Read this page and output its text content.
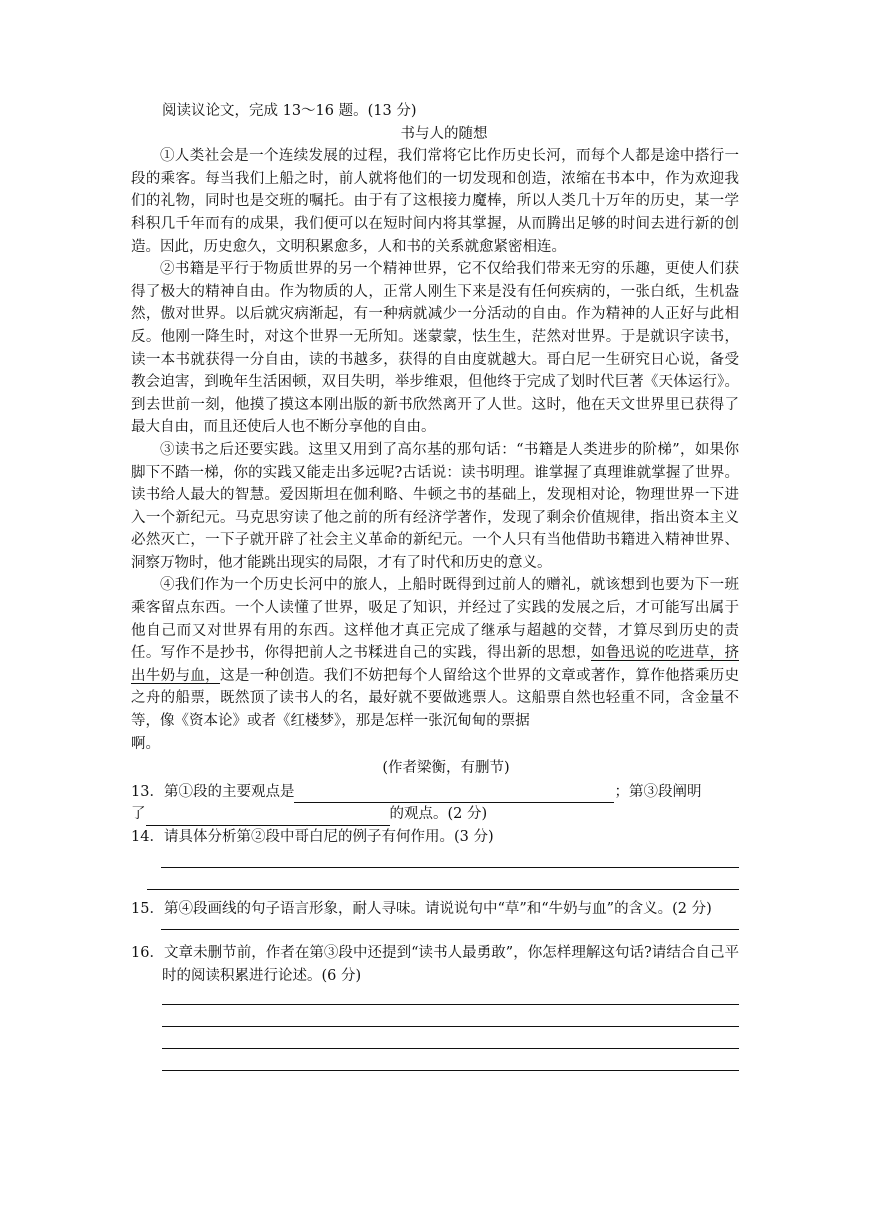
阅读议论文，完成 13～16 题。(13 分)

书与人的随想

①人类社会是一个连续发展的过程，我们常将它比作历史长河，而每个人都是途中搭行一段的乘客。每当我们上船之时，前人就将他们的一切发现和创造，浓缩在书本中，作为欢迎我们的礼物，同时也是交班的嘱托。由于有了这根接力魔棒，所以人类几十万年的历史，某一学科积几千年而有的成果，我们便可以在短时间内将其掌握，从而腾出足够的时间去进行新的创造。因此，历史愈久，文明积累愈多，人和书的关系就愈紧密相连。

②书籍是平行于物质世界的另一个精神世界，它不仅给我们带来无穷的乐趣，更使人们获得了极大的精神自由。作为物质的人，正常人刚生下来是没有任何疾病的，一张白纸，生机盎然，傲对世界。以后就灾病渐起，有一种病就减少一分活动的自由。作为精神的人正好与此相反。他刚一降生时，对这个世界一无所知。迷蒙蒙，怯生生，茫然对世界。于是就识字读书，读一本书就获得一分自由，读的书越多，获得的自由度就越大。哥白尼一生研究日心说，备受教会迫害，到晚年生活困顿，双目失明，举步维艰，但他终于完成了划时代巨著《天体运行》。到去世前一刻，他摸了摸这本刚出版的新书欣然离开了人世。这时，他在天文世界里已获得了最大自由，而且还使后人也不断分享他的自由。

③读书之后还要实践。这里又用到了高尔基的那句话：“书籍是人类进步的阶梯”，如果你脚下不踏一梯，你的实践又能走出多远呢?古话说：读书明理。谁掌握了真理谁就掌握了世界。读书给人最大的智慧。爱因斯坦在伽利略、牛顿之书的基础上，发现相对论，物理世界一下进入一个新纪元。马克思穷读了他之前的所有经济学著作，发现了剩余价值规律，指出资本主义必然灭亡，一下子就开辟了社会主义革命的新纪元。一个人只有当他借助书籍进入精神世界、洞察万物时，他才能跳出现实的局限，才有了时代和历史的意义。

④我们作为一个历史长河中的旅人，上船时既得到过前人的赠礼，就该想到也要为下一班乘客留点东西。一个人读懂了世界，吸足了知识，并经过了实践的发展之后，才可能写出属于他自己而又对世界有用的东西。这样他才真正完成了继承与超越的交替，才算尽到历史的责任。写作不是抄书，你得把前人之书糅进自己的实践，得出新的思想，如鲁迅说的吃进草，挤出牛奶与血，这是一种创造。我们不妨把每个人留给这个世界的文章或著作，算作他搭乘历史之舟的船票，既然顶了读书人的名，最好就不要做逃票人。这船票自然也轻重不同，含金量不等，像《资本论》或者《红楼梦》，那是怎样一张沉甸甸的票据

啊。

(作者梁衡，有删节)

13．第①段的主要观点是	；第③段阐明

了	的观点。(2 分)

14．请具体分析第②段中哥白尼的例子有何作用。(3 分)

15．第④段画线的句子语言形象，耐人寻味。请说说句中“草”和“牛奶与血”的含义。(2 分)

16．文章未删节前，作者在第③段中还提到“读书人最勇敢”，你怎样理解这句话?请结合自己平时的阅读积累进行论述。(6 分)
